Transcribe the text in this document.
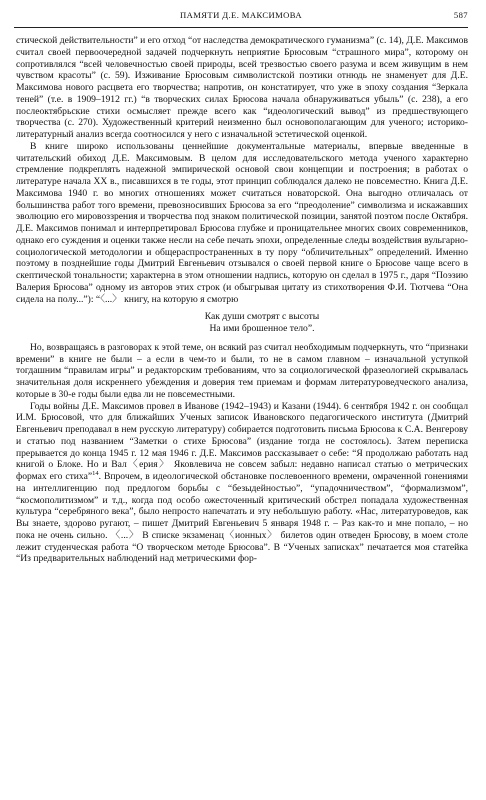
ПАМЯТИ Д.Е. МАКСИМОВА	587

стической действительности” и его отход “от наследства демократического гуманизма” (с. 14), Д.Е. Максимов считал своей первоочередной задачей подчеркнуть неприятие Брюсовым “страшного мира”, которому он сопротивлялся “всей человечностью своей природы, всей трезвостью своего разума и всем живущим в нем чувством красоты” (с. 59). Изживание Брюсовым символистской поэтики отнюдь не знаменует для Д.Е. Максимова нового расцвета его творчества; напротив, он констатирует, что уже в эпоху создания “Зеркала теней” (т.е. в 1909–1912 гг.) “в творческих силах Брюсова начала обнаруживаться убыль” (с. 238), а его послеоктябрьские стихи осмысляет прежде всего как “идеологический вывод” из предшествующего творчества (с. 270). Художественный критерий неизменно был основополагающим для ученого; историко-литературный анализ всегда соотносился у него с изначальной эстетической оценкой.

В книге широко использованы ценнейшие документальные материалы, впервые введенные в читательский обиход Д.Е. Максимовым. В целом для исследовательского метода ученого характерно стремление подкреплять надежной эмпирической основой свои концепции и построения; в работах о литературе начала XX в., писавшихся в те годы, этот принцип соблюдался далеко не повсеместно. Книга Д.Е. Максимова 1940 г. во многих отношениях может считаться новаторской. Она выгодно отличалась от большинства работ того времени, превозносивших Брюсова за его “преодоление” символизма и искажавших эволюцию его мировоззрения и творчества под знаком политической позиции, занятой поэтом после Октября. Д.Е. Максимов понимал и интерпретировал Брюсова глубже и проницательнее многих своих современников, однако его суждения и оценки также несли на себе печать эпохи, определенные следы воздействия вульгарно-социологической методологии и общераспространенных в ту пору “обличительных” определений. Именно поэтому в позднейшие годы Дмитрий Евгеньевич отзывался о своей первой книге о Брюсове чаще всего в скептической тональности; характерна в этом отношении надпись, которую он сделал в 1975 г., даря “Поэзию Валерия Брюсова” одному из авторов этих строк (и обыгрывая цитату из стихотворения Ф.И. Тютчева “Она сидела на полу...”): “〈...〉 книгу, на которую я смотрю

Как души смотрят с высоты
На ими брошенное тело”.

Но, возвращаясь в разговорах к этой теме, он всякий раз считал необходимым подчеркнуть, что “признаки времени” в книге не были – а если в чем-то и были, то не в самом главном – изначальной уступкой тогдашним “правилам игры” и редакторским требованиям, что за социологической фразеологией скрывалась значительная доля искреннего убеждения и доверия тем приемам и формам литературоведческого анализа, которые в 30-е годы были едва ли не повсеместными.

Годы войны Д.Е. Максимов провел в Иванове (1942–1943) и Казани (1944). 6 сентября 1942 г. он сообщал И.М. Брюсовой, что для ближайших Ученых записок Ивановского педагогического института (Дмитрий Евгеньевич преподавал в нем русскую литературу) собирается подготовить письма Брюсова к С.А. Венгерову и статью под названием “Заметки о стихе Брюсова” (издание тогда не состоялось). Затем переписка прерывается до конца 1945 г. 12 мая 1946 г. Д.Е. Максимов рассказывает о себе: “Я продолжаю работать над книгой о Блоке. Но и Вал〈ерия〉 Яковлевича не совсем забыл: недавно написал статью о метрических формах его стиха”$^{14}$. Впрочем, в идеологической обстановке послевоенного времени, омраченной гонениями на интеллигенцию под предлогом борьбы с “безыдейностью”, “упадочничеством”, “формализмом”, “космополитизмом” и т.д., когда под особо ожесточенный критический обстрел попадала художественная культура “серебряного века”, было непросто напечатать и эту небольшую работу. «Нас, литературоведов, как Вы знаете, здорово ругают, – пишет Дмитрий Евгеньевич 5 января 1948 г. – Раз как-то и мне попало, – но пока не очень сильно. 〈...〉 В списке экзаменац〈ионных〉 билетов один отведен Брюсову, в моем столе лежит студенческая работа “О творческом методе Брюсова”. В “Ученых записках” печатается моя статейка “Из предварительных наблюдений над метрическими фор-
